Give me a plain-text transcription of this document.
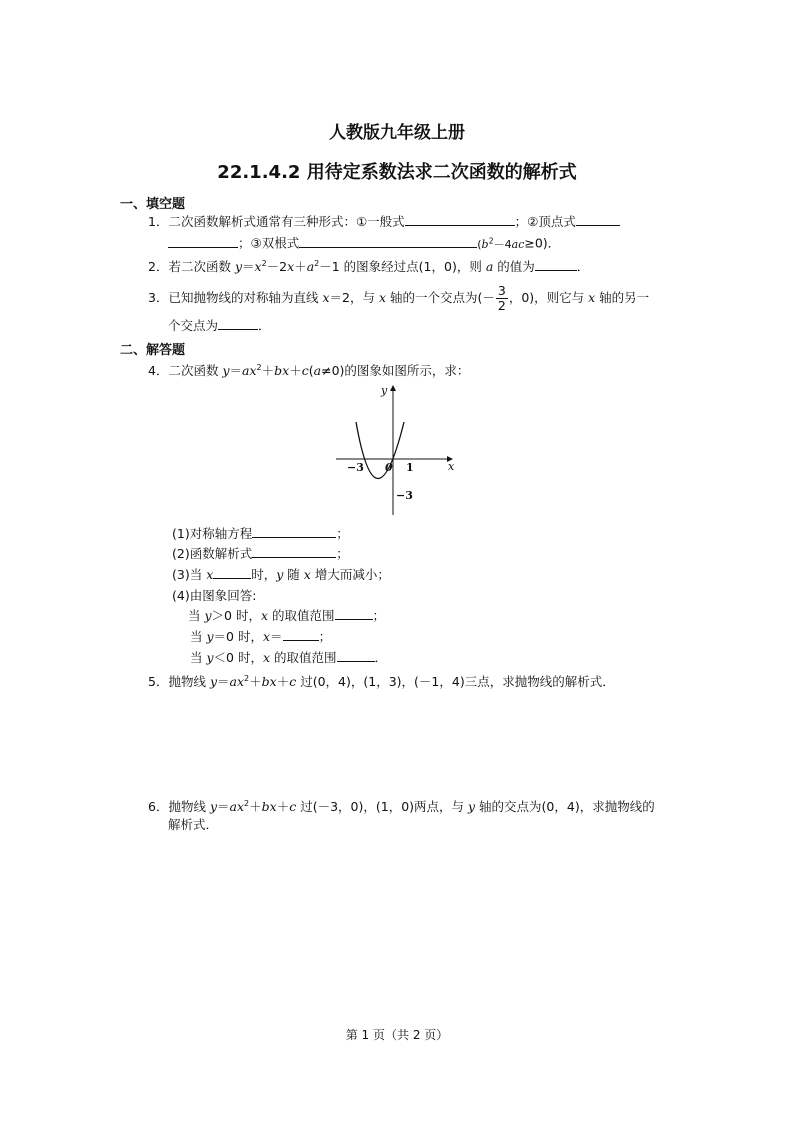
人教版九年级上册
22.1.4.2 用待定系数法求二次函数的解析式
一、填空题
1．二次函数解析式通常有三种形式：①一般式	；②顶点式
；③双根式	$(b^2-4ac\ge 0)$．
2．若二次函数 $y=x^2-2x+a^2-1$ 的图象经过点(1，0)，则 a 的值为	．
3．已知抛物线的对称轴为直线 x＝2，与 x 轴的一个交点为(－ $\frac{3}{2}$ ，0)，则它与 x 轴的另一
个交点为	．
二、解答题
4．二次函数 $y=ax^2+bx+c(a\ne 0)$的图象如图所示，求：
y
x
−3 0 1
−3
(1)对称轴方程	；
(2)函数解析式	；
(3)当 x	时，y 随 x 增大而减小；
(4)由图象回答:
当 y＞0 时，x 的取值范围	；
当 y＝0 时，x＝	；
当 y＜0 时，x 的取值范围	．
5．抛物线 $y=ax^2+bx+c$ 过(0，4)，(1，3)，(－1，4)三点，求抛物线的解析式．
6．抛物线 $y=ax^2+bx+c$ 过(－3，0)，(1，0)两点，与 y 轴的交点为(0，4)，求抛物线的
解析式．
第 1 页（共 2 页）
